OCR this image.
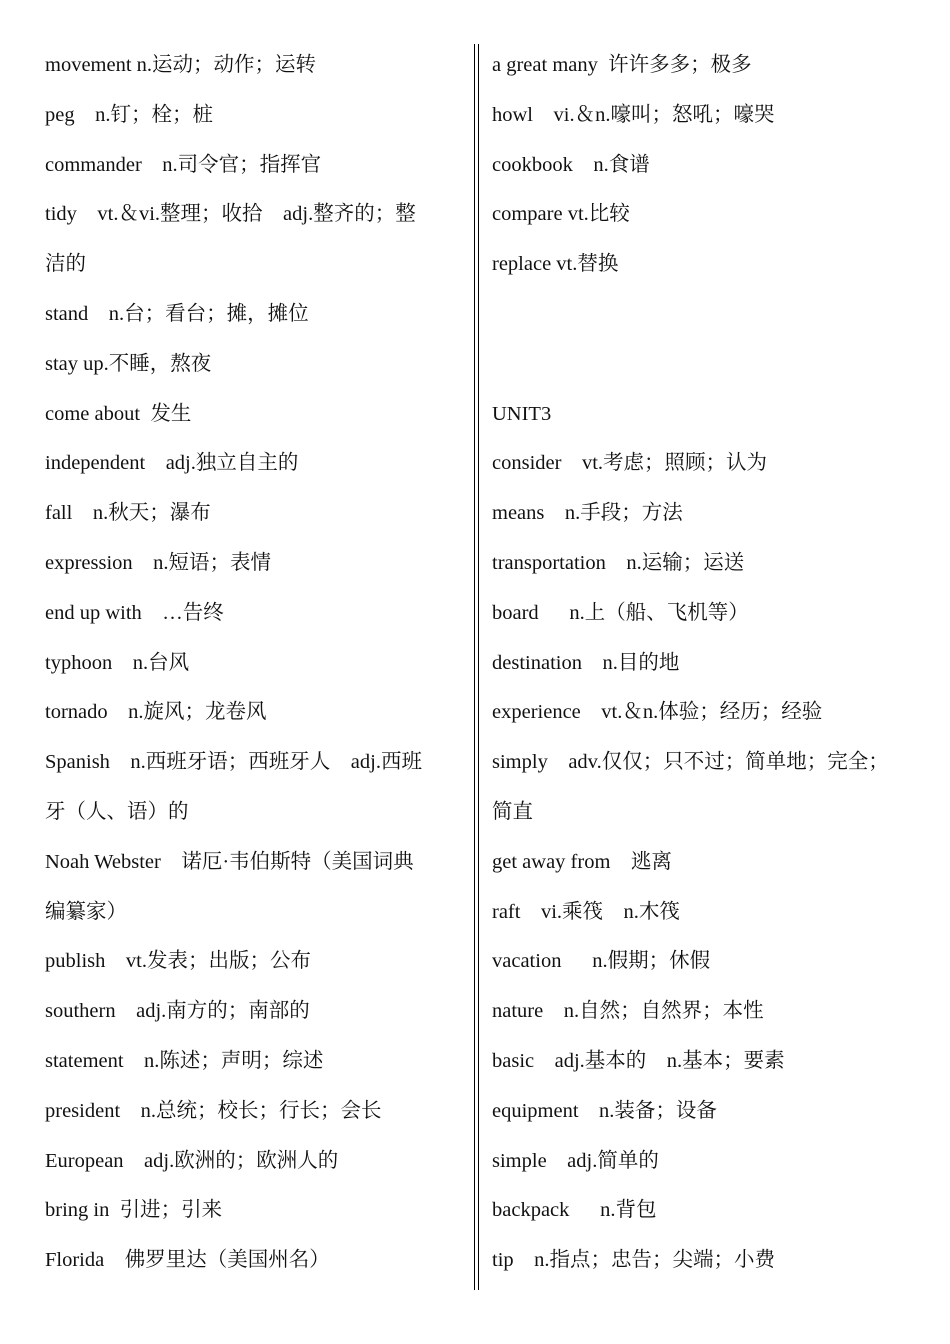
movement n.运动；动作；运转
peg    n.钉；栓；桩
commander    n.司令官；指挥官
tidy    vt.＆vi.整理；收拾    adj.整齐的；整
洁的
stand    n.台；看台；摊，摊位
stay up.不睡，熬夜
come about  发生
independent    adj.独立自主的
fall    n.秋天；瀑布
expression    n.短语；表情
end up with    …告终
typhoon    n.台风
tornado    n.旋风；龙卷风
Spanish    n.西班牙语；西班牙人    adj.西班
牙（人、语）的
Noah Webster    诺厄·韦伯斯特（美国词典
编纂家）
publish    vt.发表；出版；公布
southern    adj.南方的；南部的
statement    n.陈述；声明；综述
president    n.总统；校长；行长；会长
European    adj.欧洲的；欧洲人的
bring in  引进；引来
Florida    佛罗里达（美国州名）
a great many  许许多多；极多
howl    vi.＆n.嚎叫；怒吼；嚎哭
cookbook    n.食谱
compare vt.比较
replace vt.替换
UNIT3
consider    vt.考虑；照顾；认为
means    n.手段；方法
transportation    n.运输；运送
board      n.上（船、飞机等）
destination    n.目的地
experience    vt.＆n.体验；经历；经验
simply    adv.仅仅；只不过；简单地；完全；
简直
get away from    逃离
raft    vi.乘筏    n.木筏
vacation      n.假期；休假
nature    n.自然；自然界；本性
basic    adj.基本的    n.基本；要素
equipment    n.装备；设备
simple    adj.简单的
backpack      n.背包
tip    n.指点；忠告；尖端；小费
